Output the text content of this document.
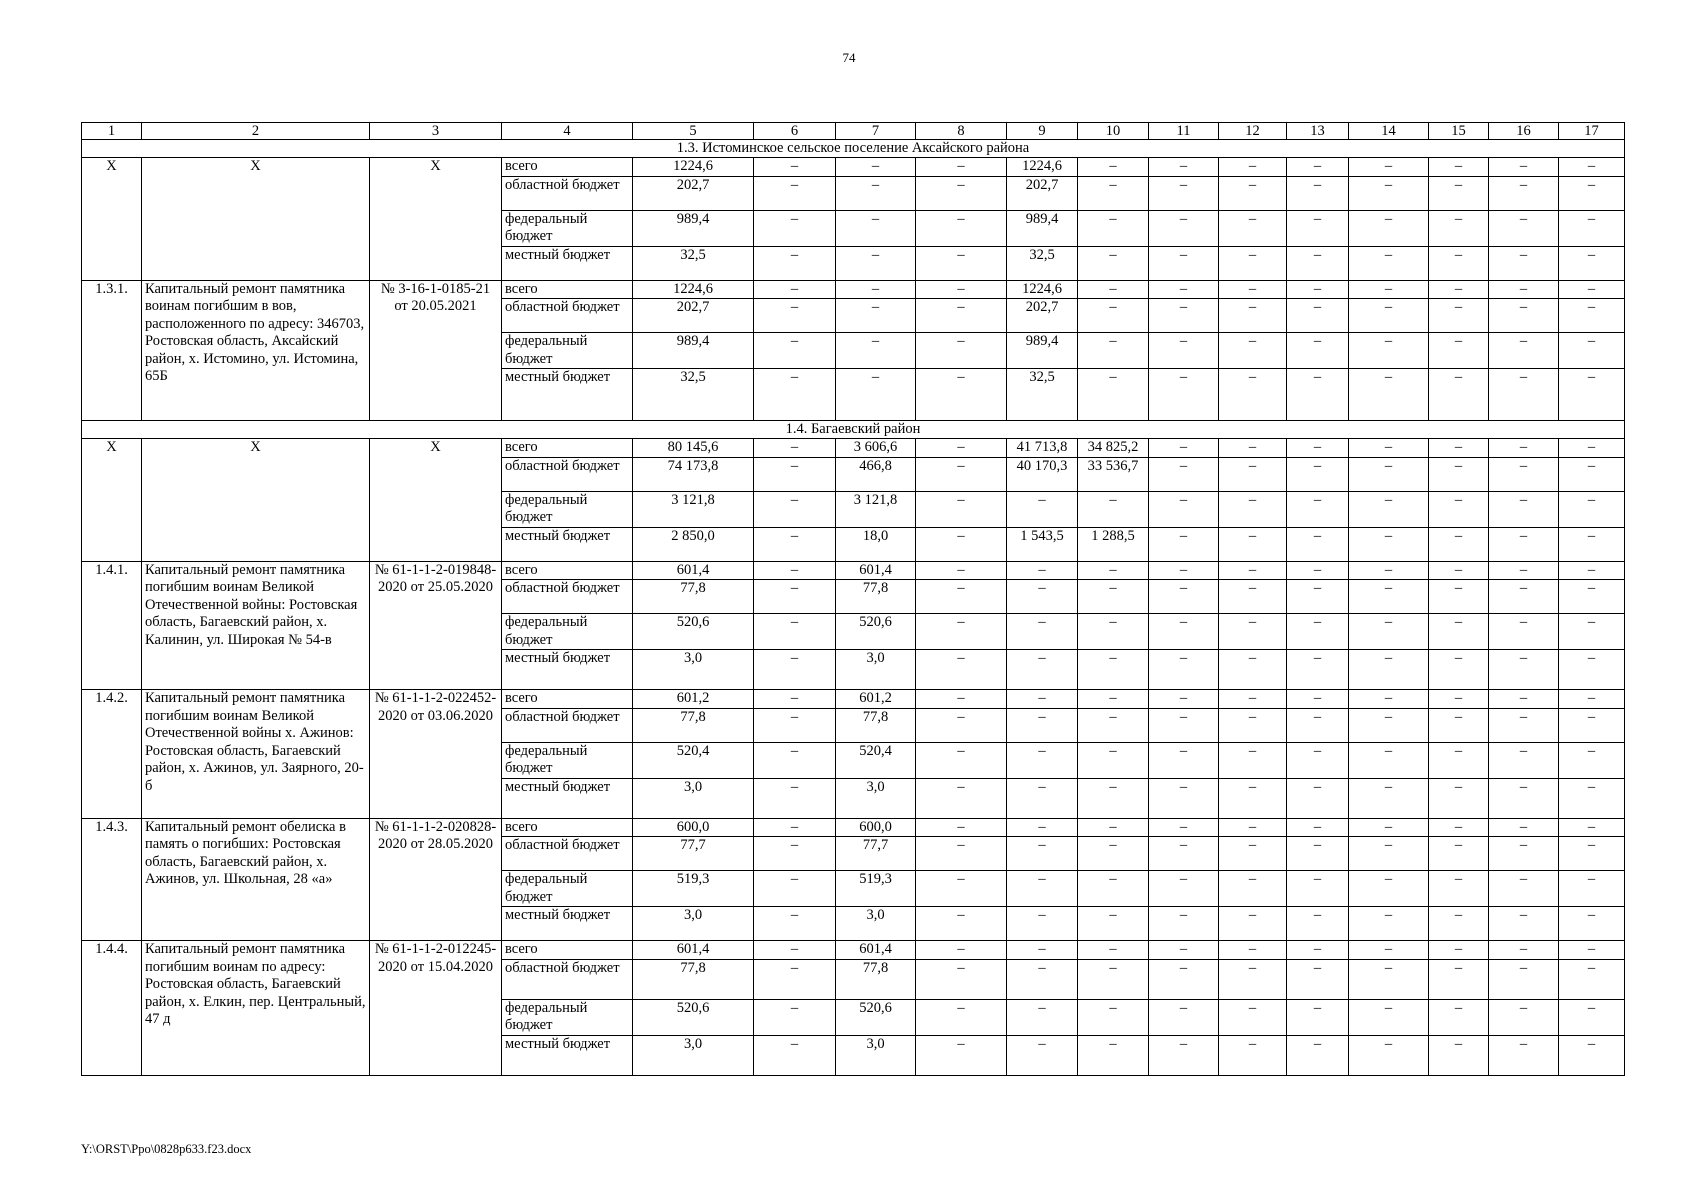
74
1	2	3	4	5	6	7	8	9	10	11	12	13	14	15	16	17
1.3. Истоминское сельское поселение Аксайского района																
Х	Х	Х	всего	1224,6	–	–	–	1224,6	–	–	–	–	–	–	–	–
			областной бюджет	202,7	–	–	–	202,7	–	–	–	–	–	–	–	–
			федеральный бюджет	989,4	–	–	–	989,4	–	–	–	–	–	–	–	–
			местный бюджет	32,5	–	–	–	32,5	–	–	–	–	–	–	–	–
1.3.1.	Капитальный ремонт памятника воинам погибшим в вов, расположенного по адресу: 346703, Ростовская область, Аксайский район, х. Истомино, ул. Истомина, 65Б	№ 3-16-1-0185-21 от 20.05.2021	всего	1224,6	–	–	–	1224,6	–	–	–	–	–	–	–	–
			областной бюджет	202,7	–	–	–	202,7	–	–	–	–	–	–	–	–
			федеральный бюджет	989,4	–	–	–	989,4	–	–	–	–	–	–	–	–
			местный бюджет	32,5	–	–	–	32,5	–	–	–	–	–	–	–	–
1.4. Багаевский район																
Х	Х	Х	всего	80 145,6	–	3 606,6	–	41 713,8	34 825,2	–	–	–	–	–	–	–
			областной бюджет	74 173,8	–	466,8	–	40 170,3	33 536,7	–	–	–	–	–	–	–
			федеральный бюджет	3 121,8	–	3 121,8	–	–	–	–	–	–	–	–	–	–
			местный бюджет	2 850,0	–	18,0	–	1 543,5	1 288,5	–	–	–	–	–	–	–
1.4.1.	Капитальный ремонт памятника погибшим воинам Великой Отечественной войны: Ростовская область, Багаевский район, х. Калинин, ул. Широкая № 54-в	№ 61-1-1-2-019848-2020 от 25.05.2020	всего	601,4	–	601,4	–	–	–	–	–	–	–	–	–	–
			областной бюджет	77,8	–	77,8	–	–	–	–	–	–	–	–	–	–
			федеральный бюджет	520,6	–	520,6	–	–	–	–	–	–	–	–	–	–
			местный бюджет	3,0	–	3,0	–	–	–	–	–	–	–	–	–	–
1.4.2.	Капитальный ремонт памятника погибшим воинам Великой Отечественной войны х. Ажинов: Ростовская область, Багаевский район, х. Ажинов, ул. Заярного, 20-б	№ 61-1-1-2-022452-2020 от 03.06.2020	всего	601,2	–	601,2	–	–	–	–	–	–	–	–	–	–
			областной бюджет	77,8	–	77,8	–	–	–	–	–	–	–	–	–	–
			федеральный бюджет	520,4	–	520,4	–	–	–	–	–	–	–	–	–	–
			местный бюджет	3,0	–	3,0	–	–	–	–	–	–	–	–	–	–
1.4.3.	Капитальный ремонт обелиска в память о погибших: Ростовская область, Багаевский район, х. Ажинов, ул. Школьная, 28 «а»	№ 61-1-1-2-020828-2020 от 28.05.2020	всего	600,0	–	600,0	–	–	–	–	–	–	–	–	–	–
			областной бюджет	77,7	–	77,7	–	–	–	–	–	–	–	–	–	–
			федеральный бюджет	519,3	–	519,3	–	–	–	–	–	–	–	–	–	–
			местный бюджет	3,0	–	3,0	–	–	–	–	–	–	–	–	–	–
1.4.4.	Капитальный ремонт памятника погибшим воинам по адресу: Ростовская область, Багаевский район, х. Елкин, пер. Центральный, 47 д	№ 61-1-1-2-012245-2020 от 15.04.2020	всего	601,4	–	601,4	–	–	–	–	–	–	–	–	–	–
			областной бюджет	77,8	–	77,8	–	–	–	–	–	–	–	–	–	–
			федеральный бюджет	520,6	–	520,6	–	–	–	–	–	–	–	–	–	–
			местный бюджет	3,0	–	3,0	–	–	–	–	–	–	–	–	–	–
Y:\ORST\Ppo\0828p633.f23.docx
